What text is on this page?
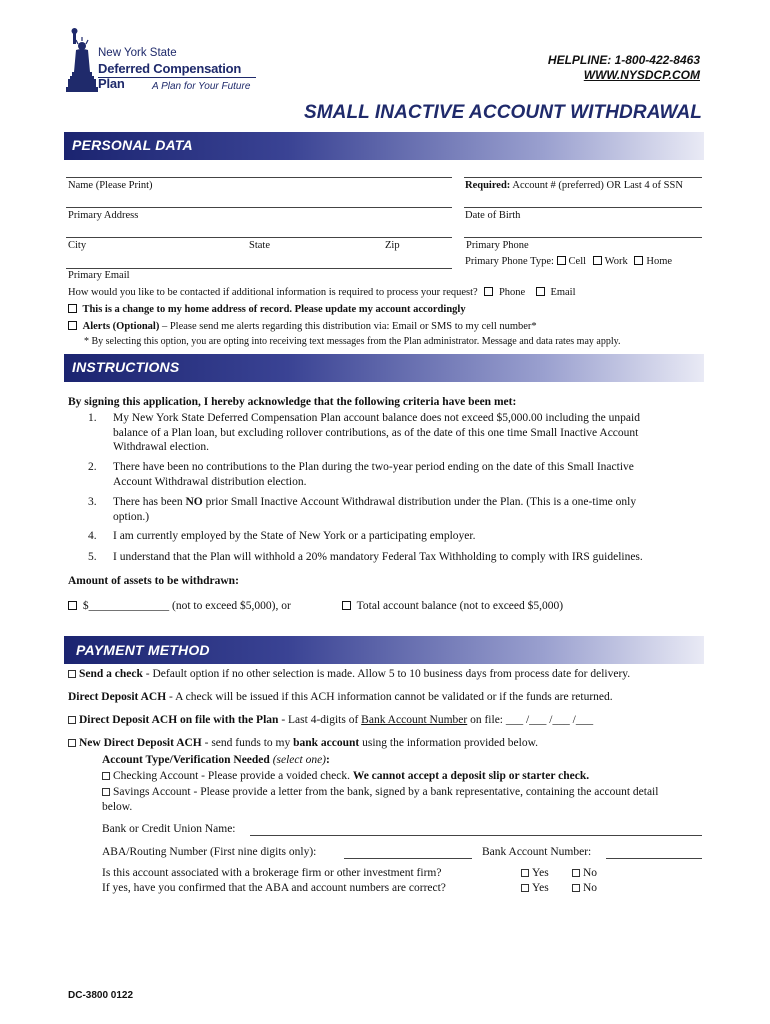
New York State
Deferred Compensation Plan	A Plan for Your Future
HELPLINE: 1-800-422-8463
WWW.NYSDCP.COM
SMALL INACTIVE ACCOUNT WITHDRAWAL
PERSONAL DATA
Name (Please Print)	Required: Account # (preferred) OR Last 4 of SSN
Primary Address	Date of Birth
City	State	Zip	Primary Phone
Primary Phone Type: Cell Work Home
Primary Email
How would you like to be contacted if additional information is required to process your request? Phone Email
This is a change to my home address of record. Please update my account accordingly
Alerts (Optional) – Please send me alerts regarding this distribution via: Email or SMS to my cell number*
* By selecting this option, you are opting into receiving text messages from the Plan administrator. Message and data rates may apply.
INSTRUCTIONS
By signing this application, I hereby acknowledge that the following criteria have been met:
1. My New York State Deferred Compensation Plan account balance does not exceed $5,000.00 including the unpaid
balance of a Plan loan, but excluding rollover contributions, as of the date of this one time Small Inactive Account
Withdrawal election.
2. There have been no contributions to the Plan during the two-year period ending on the date of this Small Inactive
Account Withdrawal distribution election.
3. There has been NO prior Small Inactive Account Withdrawal distribution under the Plan. (This is a one-time only
option.)
4. I am currently employed by the State of New York or a participating employer.
5. I understand that the Plan will withhold a 20% mandatory Federal Tax Withholding to comply with IRS guidelines.
Amount of assets to be withdrawn:
$______________ (not to exceed $5,000), or	Total account balance (not to exceed $5,000)
PAYMENT METHOD
Send a check - Default option if no other selection is made. Allow 5 to 10 business days from process date for delivery.
Direct Deposit ACH - A check will be issued if this ACH information cannot be validated or if the funds are returned.
Direct Deposit ACH on file with the Plan - Last 4-digits of Bank Account Number on file: ___ /___ /___ /___
New Direct Deposit ACH - send funds to my bank account using the information provided below.
Account Type/Verification Needed (select one):
Checking Account - Please provide a voided check. We cannot accept a deposit slip or starter check.
Savings Account - Please provide a letter from the bank, signed by a bank representative, containing the account detail
below.
Bank or Credit Union Name:
ABA/Routing Number (First nine digits only):	Bank Account Number:
Is this account associated with a brokerage firm or other investment firm?	Yes	No
If yes, have you confirmed that the ABA and account numbers are correct?	Yes	No
DC-3800 0122
